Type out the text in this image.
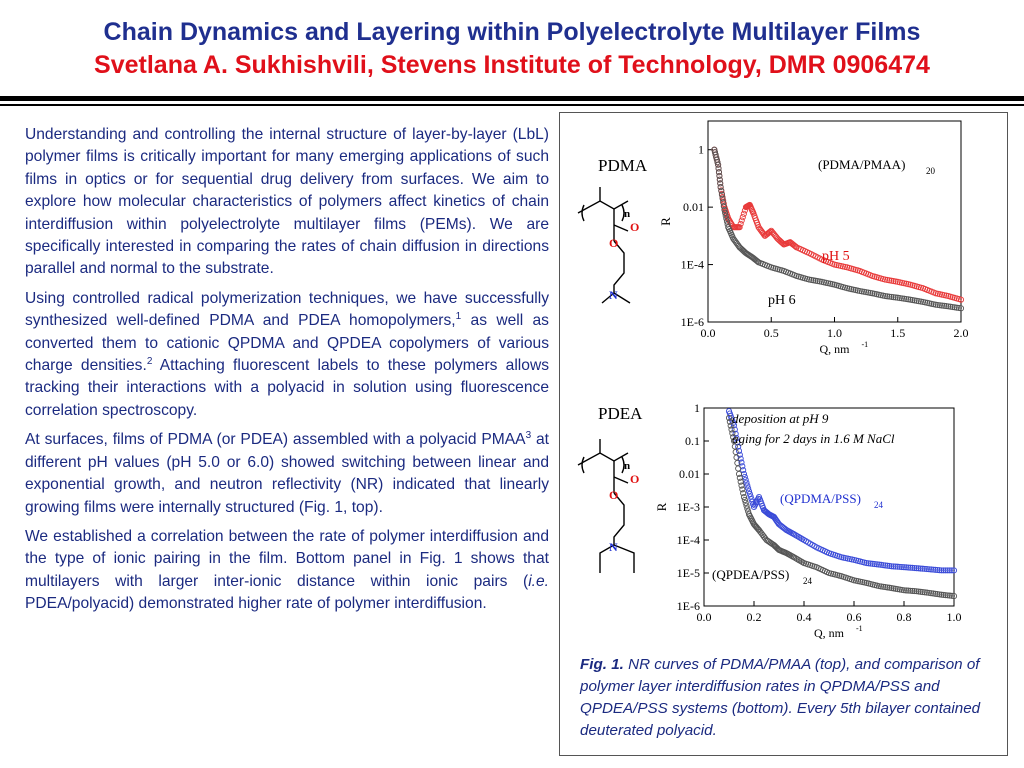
Chain Dynamics and Layering within Polyelectrolyte Multilayer Films
Svetlana A. Sukhishvili, Stevens Institute of Technology, DMR 0906474

Understanding and controlling the internal structure of layer-by-layer (LbL) polymer films is critically important for many emerging applications of such films in optics or for sequential drug delivery from surfaces. We aim to explore how molecular characteristics of polymers affect kinetics of chain interdiffusion within polyelectrolyte multilayer films (PEMs). We are specifically interested in comparing the rates of chain diffusion in directions parallel and normal to the substrate.

Using controlled radical polymerization techniques, we have successfully synthesized well-defined PDMA and PDEA homopolymers,$^1$ as well as converted them to cationic QPDMA and QPDEA copolymers of various charge densities.$^2$ Attaching fluorescent labels to these polymers allows tracking their interactions with a polyacid in solution using fluorescence correlation spectroscopy.

At surfaces, films of PDMA (or PDEA) assembled with a polyacid PMAA$^3$ at different pH values (pH 5.0 or 6.0) showed switching between linear and exponential growth, and neutron reflectivity (NR) indicated that linearly growing films were internally structured (Fig. 1, top).

We established a correlation between the rate of polymer interdiffusion and the type of ionic pairing in the film. Bottom panel in Fig. 1 shows that multilayers with larger inter-ionic distance within ionic pairs (i.e. PDEA/polyacid) demonstrated higher rate of polymer interdiffusion.

PDMA
n
O
O
N
PDEA
n
O
O
N
1
0.01
1E-4
1E-6
0.0	0.5	1.0	1.5	2.0
Q, nm -1
R
(PDMA/PMAA) 20
pH 5
pH 6
1
0.1
0.01
1E-3
1E-4
1E-5
1E-6
0.0	0.2	0.4	0.6	0.8	1.0
Q, nm -1
R
deposition at pH 9
aging for 2 days in 1.6 M NaCl
(QPDMA/PSS) 24
(QPDEA/PSS) 24
Fig. 1. NR curves of PDMA/PMAA (top), and comparison of polymer layer interdiffusion rates in QPDMA/PSS and QPDEA/PSS systems (bottom). Every 5th bilayer contained deuterated polyacid.
